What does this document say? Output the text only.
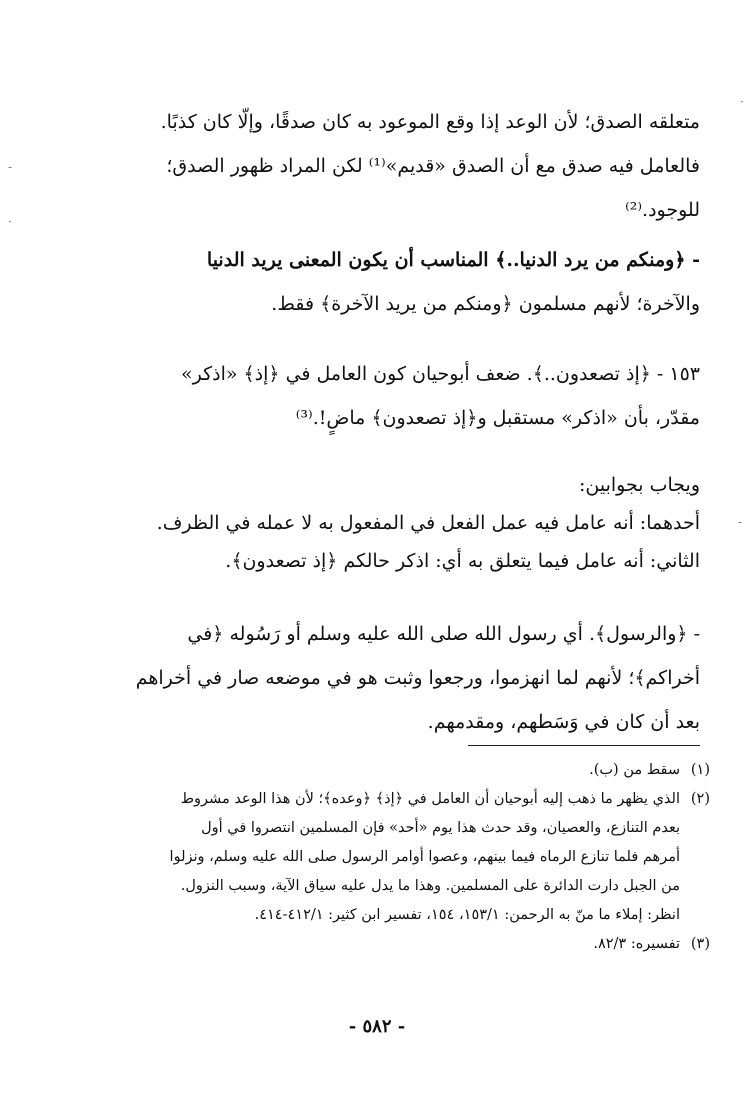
متعلقه الصدق؛ لأن الوعد إذا وقع الموعود به كان صدقًا، وإلّا كان كذبًا.
فالعامل فيه صدق مع أن الصدق «قديم»⁽¹⁾ لكن المراد ظهور الصدق؛
للوجود.⁽²⁾
- ﴿ومنكم من يرد الدنيا..﴾ المناسب أن يكون المعنى يريد الدنيا
والآخرة؛ لأنهم مسلمون ﴿ومنكم من يريد الآخرة﴾ فقط.
١٥٣ - ﴿إذ تصعدون..﴾. ضعف أبوحيان كون العامل في ﴿إذ﴾ «اذكر»
مقدّر، بأن «اذكر» مستقبل و﴿إذ تصعدون﴾ ماضٍ!.⁽³⁾
ويجاب بجوابين:
أحدهما: أنه عامل فيه عمل الفعل في المفعول به لا عمله في الظرف.
الثاني: أنه عامل فيما يتعلق به أي: اذكر حالكم ﴿إذ تصعدون﴾.
- ﴿والرسول﴾. أي رسول الله صلى الله عليه وسلم أو رَسُوله ﴿في
أخراكم﴾؛ لأنهم لما انهزموا، ورجعوا وثبت هو في موضعه صار في أخراهم
بعد أن كان في وَسَطهم، ومقدمهم.
(١)سقط من (ب).
(٢)الذي يظهر ما ذهب إليه أبوحيان أن العامل في ﴿إذ﴾ ﴿وعده﴾؛ لأن هذا الوعد مشروط
بعدم التنازع، والعصيان، وقد حدث هذا يوم «أحد» فإن المسلمين انتصروا في أول
أمرهم فلما تنازع الرماه فيما بينهم، وعصوا أوامر الرسول صلى الله عليه وسلم، ونزلوا
من الجبل دارت الدائرة على المسلمين. وهذا ما يدل عليه سياق الآية، وسبب النزول.
انظر: إملاء ما منّ به الرحمن: ١٥٣/١، ١٥٤، تفسير ابن كثير: ٤١٢/١-٤١٤.
(٣)تفسيره: ٨٢/٣.
- ٥٨٢ -
-
·
-
·
